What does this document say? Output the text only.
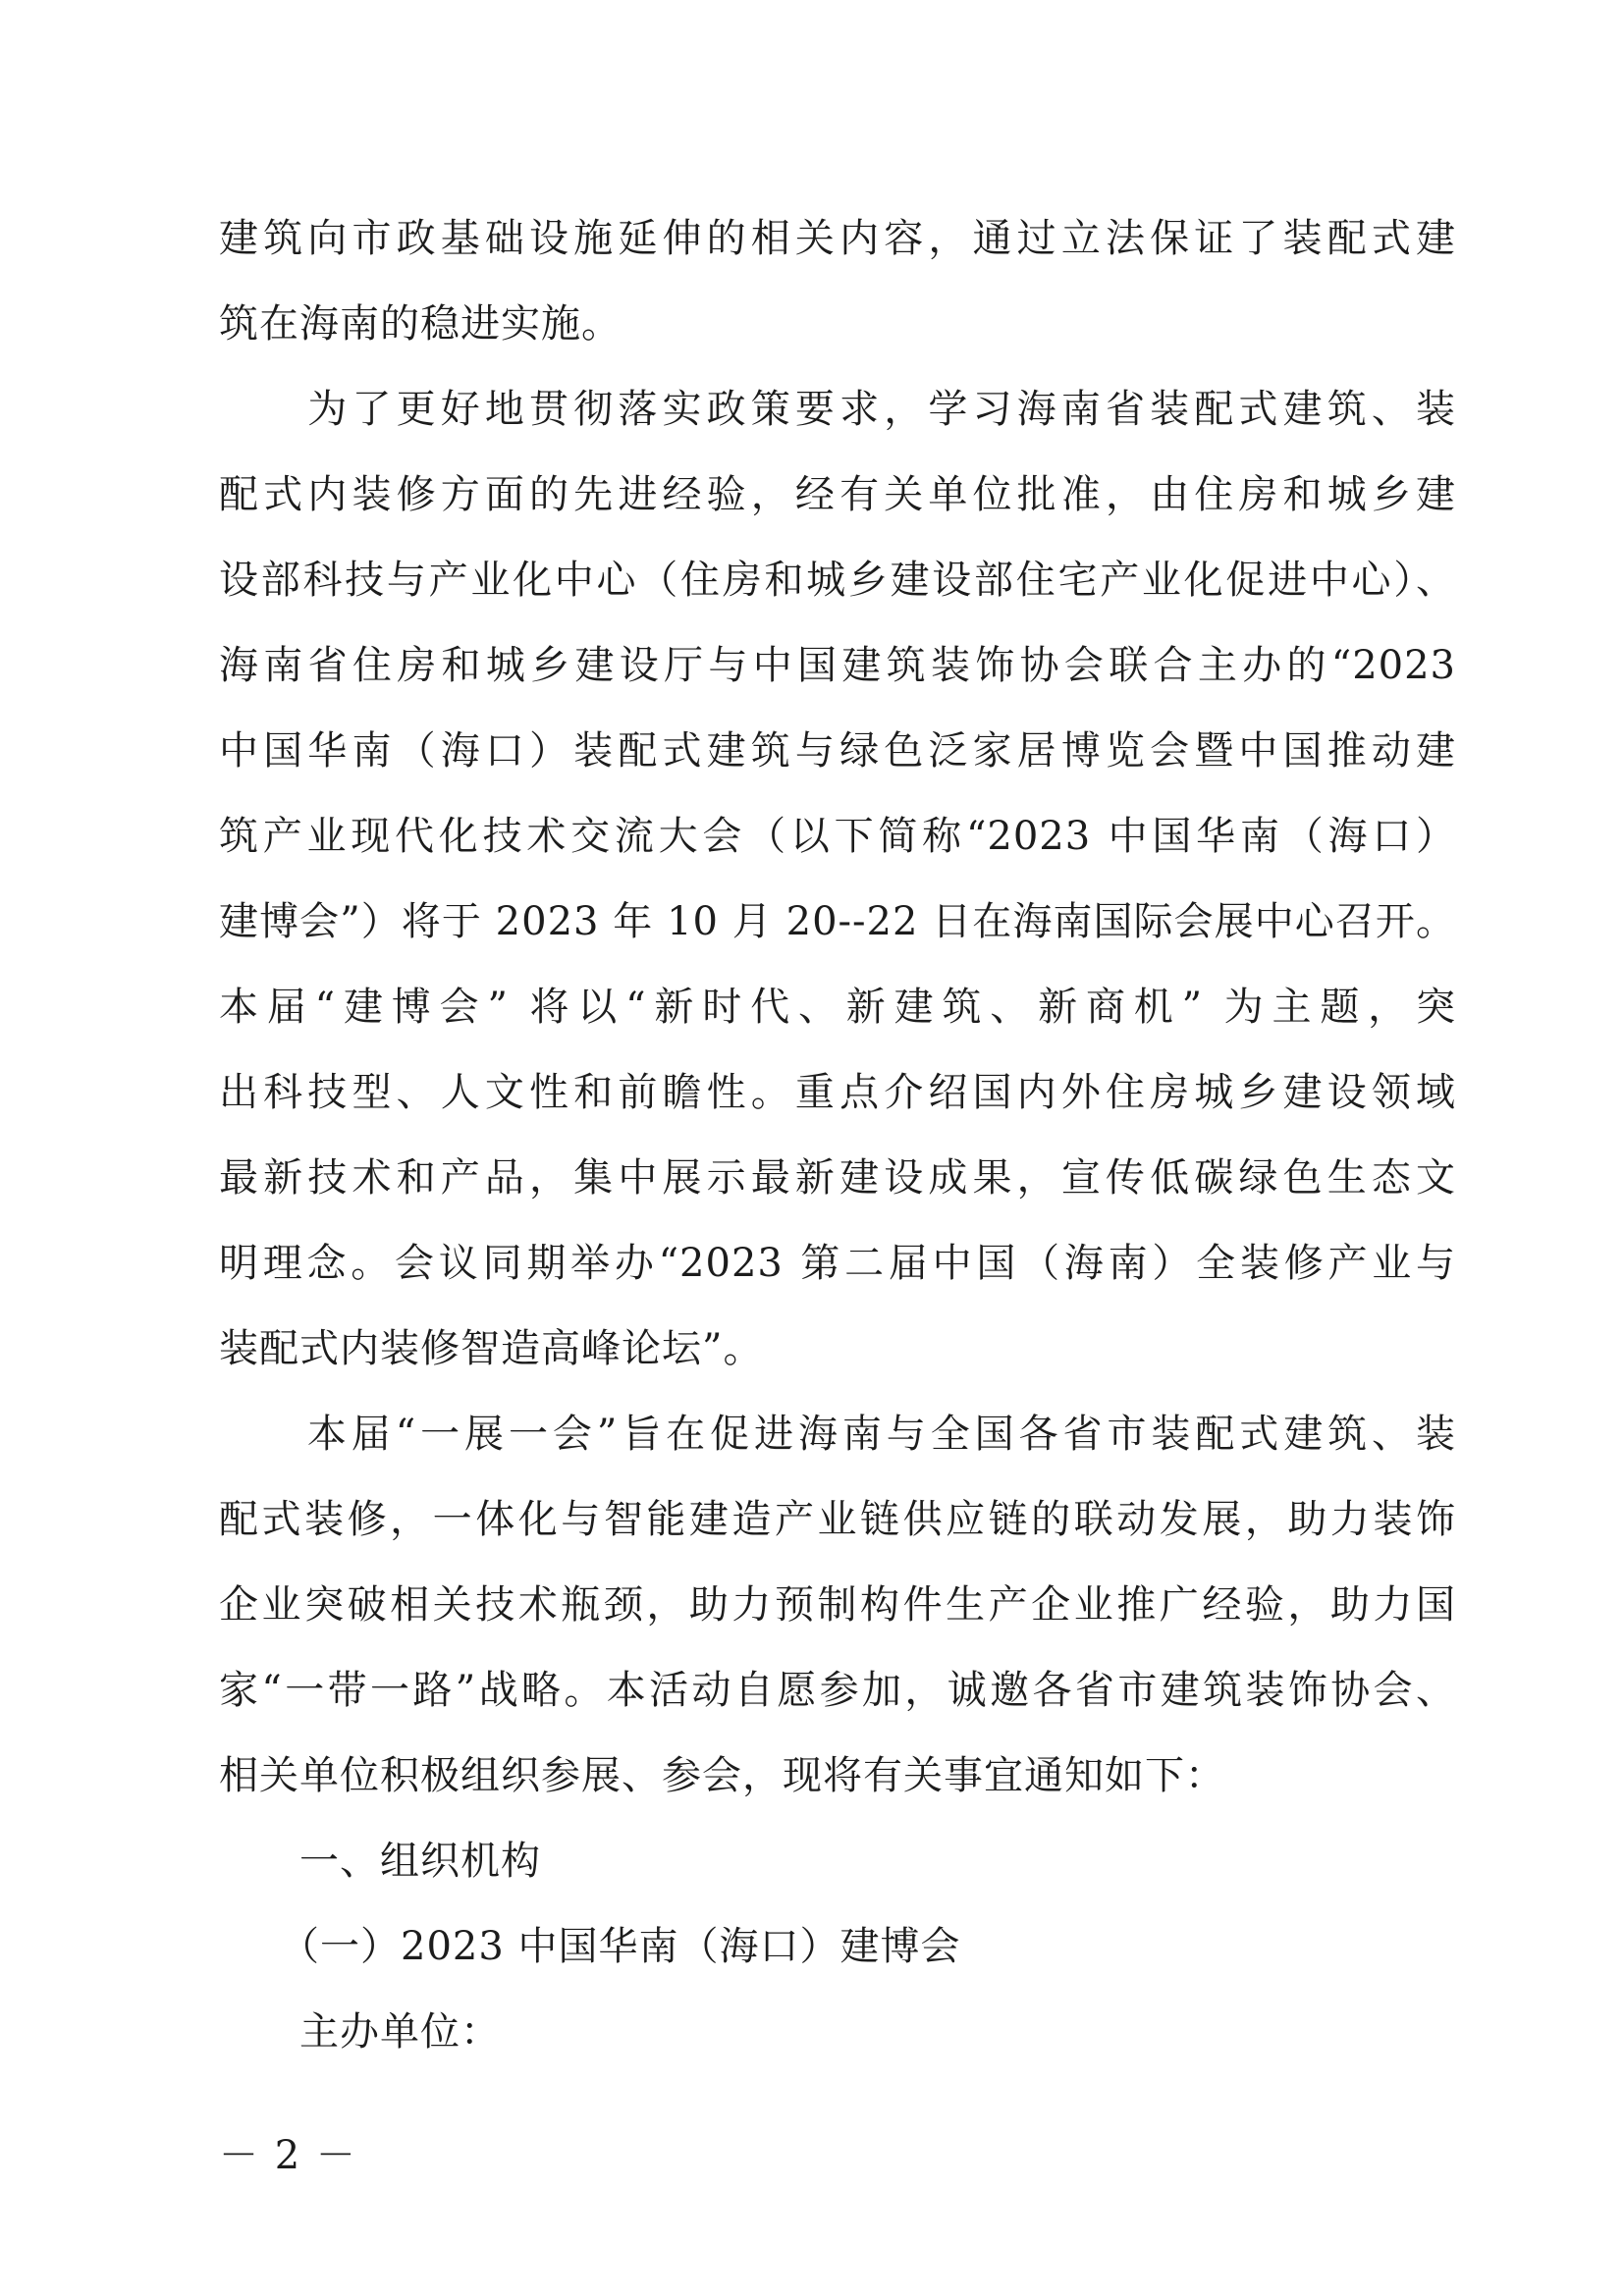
建筑向市政基础设施延伸的相关内容，通过立法保证了装配式建
筑在海南的稳进实施。
　　为了更好地贯彻落实政策要求，学习海南省装配式建筑、装
配式内装修方面的先进经验，经有关单位批准，由住房和城乡建
设部科技与产业化中心（住房和城乡建设部住宅产业化促进中心）、
海南省住房和城乡建设厅与中国建筑装饰协会联合主办的“2023
中国华南（海口）装配式建筑与绿色泛家居博览会暨中国推动建
筑产业现代化技术交流大会（以下简称“2023 中国华南（海口）
建博会”）将于 2023 年 10 月 20--22 日在海南国际会展中心召开。
本届“建博会” 将以“新时代、新建筑、新商机” 为主题，突
出科技型、人文性和前瞻性。重点介绍国内外住房城乡建设领域
最新技术和产品，集中展示最新建设成果，宣传低碳绿色生态文
明理念。会议同期举办“2023 第二届中国（海南）全装修产业与
装配式内装修智造高峰论坛”。
　　本届“一展一会”旨在促进海南与全国各省市装配式建筑、装
配式装修，一体化与智能建造产业链供应链的联动发展，助力装饰
企业突破相关技术瓶颈，助力预制构件生产企业推广经验，助力国
家“一带一路”战略。本活动自愿参加，诚邀各省市建筑装饰协会、
相关单位积极组织参展、参会，现将有关事宜通知如下：
　　一、组织机构
　　（一）2023 中国华南（海口）建博会
　　主办单位：
－ 2 －
